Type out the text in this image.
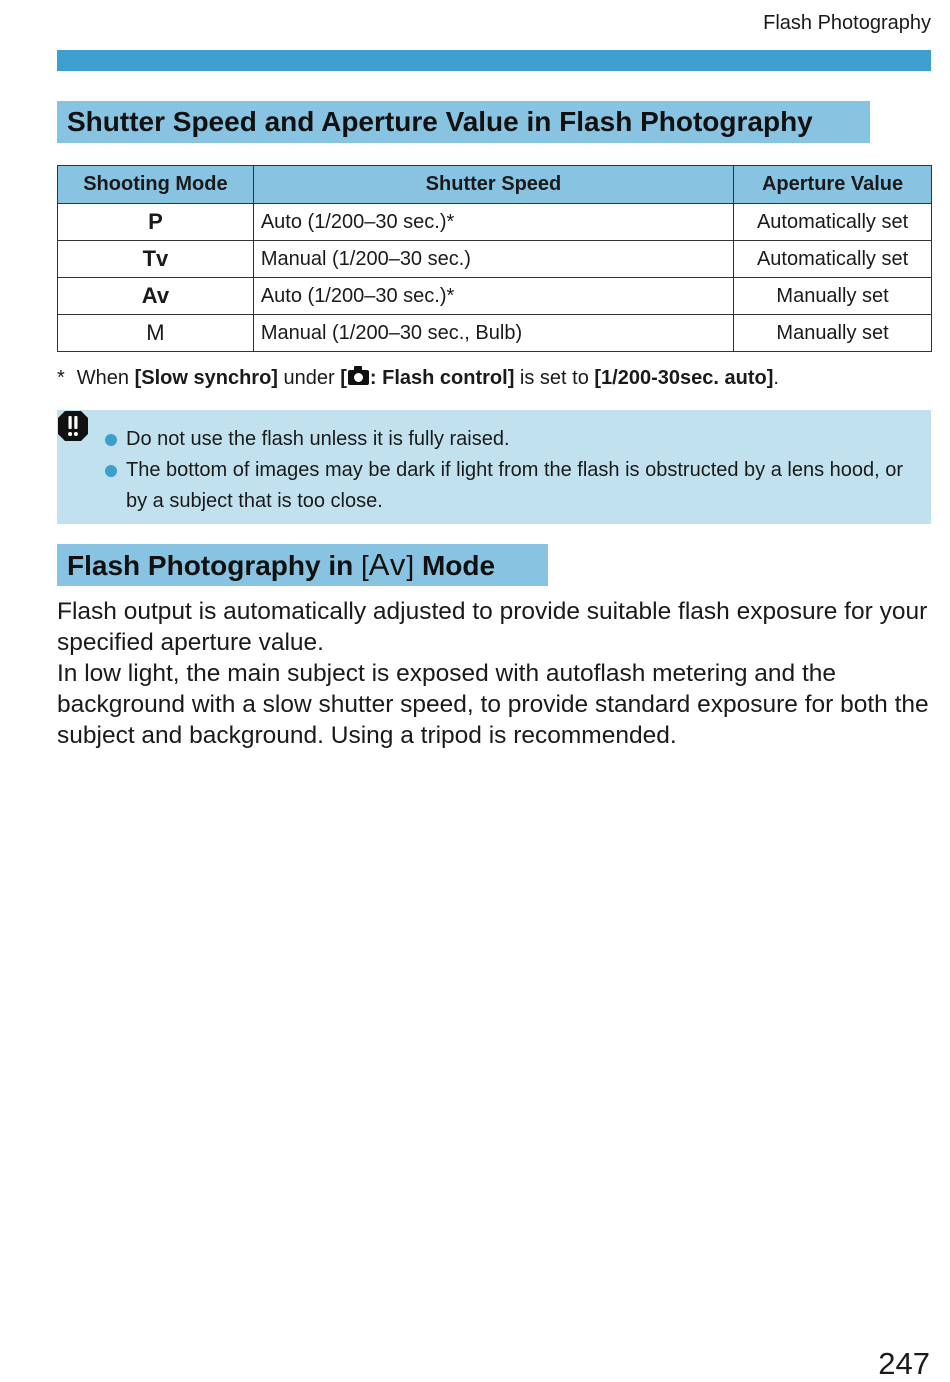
Flash Photography
Shutter Speed and Aperture Value in Flash Photography
Shooting Mode	Shutter Speed	Aperture Value
P	Auto (1/200–30 sec.)*	Automatically set
Tv	Manual (1/200–30 sec.)	Automatically set
Av	Auto (1/200–30 sec.)*	Manually set
M	Manual (1/200–30 sec., Bulb)	Manually set
* When [Slow synchro] under [ : Flash control] is set to [1/200-30sec. auto].
Do not use the flash unless it is fully raised.
The bottom of images may be dark if light from the flash is obstructed by a lens hood, or by a subject that is too close.
Flash Photography in [Av] Mode

Flash output is automatically adjusted to provide suitable flash exposure for your specified aperture value.

In low light, the main subject is exposed with autoflash metering and the background with a slow shutter speed, to provide standard exposure for both the subject and background. Using a tripod is recommended.

247
